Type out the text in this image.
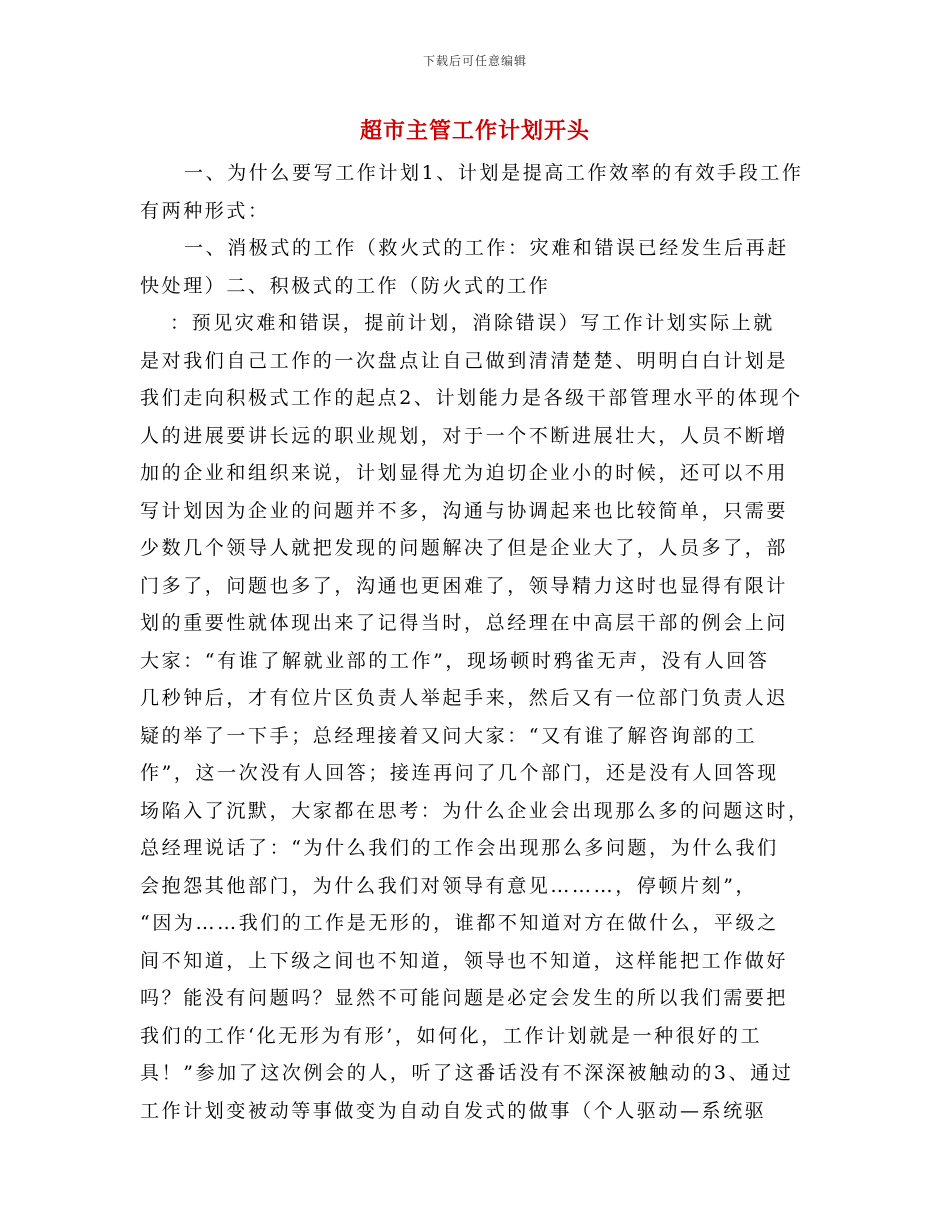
下载后可任意编辑
超市主管工作计划开头
一、为什么要写工作计划1、计划是提高工作效率的有效手段工作
有两种形式：
一、消极式的工作（救火式的工作：灾难和错误已经发生后再赶
快处理）二、积极式的工作（防火式的工作
：预见灾难和错误，提前计划，消除错误）写工作计划实际上就
是对我们自己工作的一次盘点让自己做到清清楚楚、明明白白计划是
我们走向积极式工作的起点2、计划能力是各级干部管理水平的体现个
人的进展要讲长远的职业规划，对于一个不断进展壮大，人员不断增
加的企业和组织来说，计划显得尤为迫切企业小的时候，还可以不用
写计划因为企业的问题并不多，沟通与协调起来也比较简单，只需要
少数几个领导人就把发现的问题解决了但是企业大了，人员多了，部
门多了，问题也多了，沟通也更困难了，领导精力这时也显得有限计
划的重要性就体现出来了记得当时，总经理在中高层干部的例会上问
大家：“有谁了解就业部的工作”，现场顿时鸦雀无声，没有人回答
几秒钟后，才有位片区负责人举起手来，然后又有一位部门负责人迟
疑的举了一下手；总经理接着又问大家：“又有谁了解咨询部的工
作”，这一次没有人回答；接连再问了几个部门，还是没有人回答现
场陷入了沉默，大家都在思考：为什么企业会出现那么多的问题这时，
总经理说话了：“为什么我们的工作会出现那么多问题，为什么我们
会抱怨其他部门，为什么我们对领导有意见………，停顿片刻”，
“因为……我们的工作是无形的，谁都不知道对方在做什么，平级之
间不知道，上下级之间也不知道，领导也不知道，这样能把工作做好
吗？能没有问题吗？显然不可能问题是必定会发生的所以我们需要把
我们的工作‘化无形为有形’，如何化，工作计划就是一种很好的工
具！”参加了这次例会的人，听了这番话没有不深深被触动的3、通过
工作计划变被动等事做变为自动自发式的做事（个人驱动—系统驱
